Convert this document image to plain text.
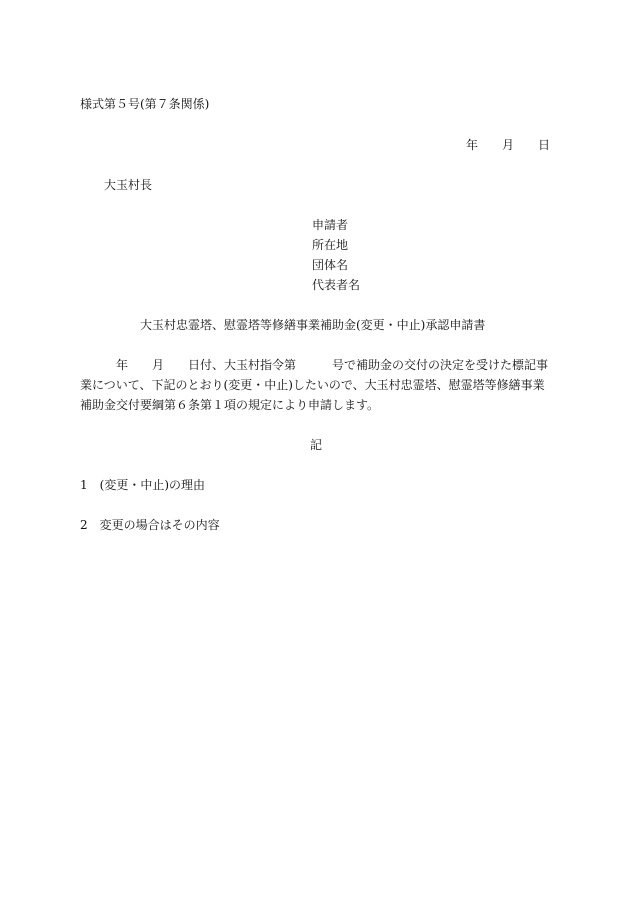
様式第５号(第７条関係)
年　　月　　日
大玉村長
申請者
所在地
団体名
代表者名
大玉村忠霊塔、慰霊塔等修繕事業補助金(変更・中止)承認申請書

　　　年　　月　　日付、大玉村指令第　　　号で補助金の交付の決定を受けた標記事

業について、下記のとおり(変更・中止)したいので、大玉村忠霊塔、慰霊塔等修繕事業

補助金交付要綱第６条第１項の規定により申請します。

記
1　(変更・中止)の理由
2　変更の場合はその内容
